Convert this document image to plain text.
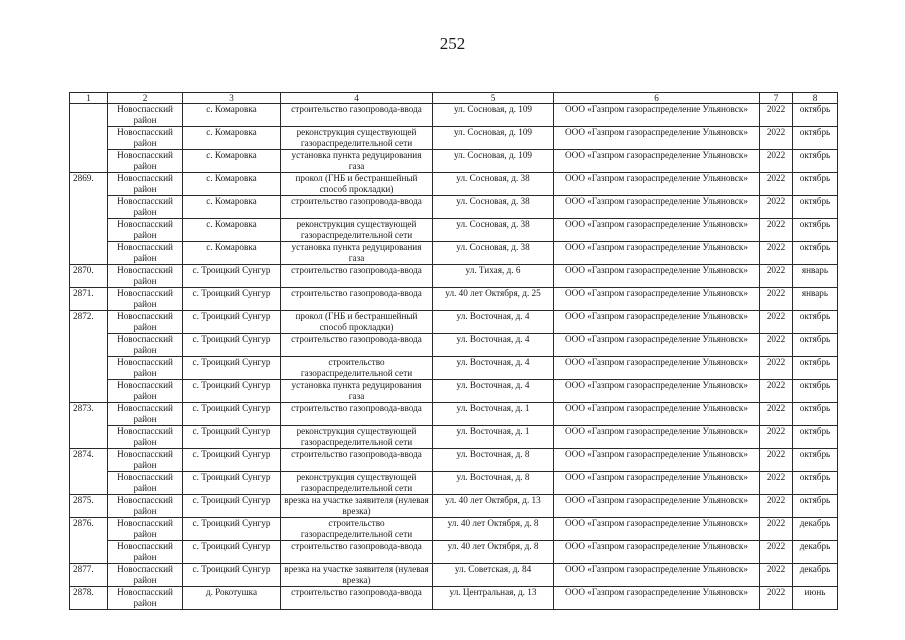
252
1	2	3	4	5	6	7	8
	Новоспасский район	с. Комаровка	строительство газопровода-ввода	ул. Сосновая, д. 109	ООО «Газпром газораспределение Ульяновск»	2022	октябрь
	Новоспасский район	с. Комаровка	реконструкция существующей газораспределительной сети	ул. Сосновая, д. 109	ООО «Газпром газораспределение Ульяновск»	2022	октябрь
	Новоспасский район	с. Комаровка	установка пункта редуцирования газа	ул. Сосновая, д. 109	ООО «Газпром газораспределение Ульяновск»	2022	октябрь
2869.	Новоспасский район	с. Комаровка	прокол (ГНБ и бестраншейный способ прокладки)	ул. Сосновая, д. 38	ООО «Газпром газораспределение Ульяновск»	2022	октябрь
	Новоспасский район	с. Комаровка	строительство газопровода-ввода	ул. Сосновая, д. 38	ООО «Газпром газораспределение Ульяновск»	2022	октябрь
	Новоспасский район	с. Комаровка	реконструкция существующей газораспределительной сети	ул. Сосновая, д. 38	ООО «Газпром газораспределение Ульяновск»	2022	октябрь
	Новоспасский район	с. Комаровка	установка пункта редуцирования газа	ул. Сосновая, д. 38	ООО «Газпром газораспределение Ульяновск»	2022	октябрь
2870.	Новоспасский район	с. Троицкий Сунгур	строительство газопровода-ввода	ул. Тихая, д. 6	ООО «Газпром газораспределение Ульяновск»	2022	январь
2871.	Новоспасский район	с. Троицкий Сунгур	строительство газопровода-ввода	ул. 40 лет Октября, д. 25	ООО «Газпром газораспределение Ульяновск»	2022	январь
2872.	Новоспасский район	с. Троицкий Сунгур	прокол (ГНБ и бестраншейный способ прокладки)	ул. Восточная, д. 4	ООО «Газпром газораспределение Ульяновск»	2022	октябрь
	Новоспасский район	с. Троицкий Сунгур	строительство газопровода-ввода	ул. Восточная, д. 4	ООО «Газпром газораспределение Ульяновск»	2022	октябрь
	Новоспасский район	с. Троицкий Сунгур	строительство газораспределительной сети	ул. Восточная, д. 4	ООО «Газпром газораспределение Ульяновск»	2022	октябрь
	Новоспасский район	с. Троицкий Сунгур	установка пункта редуцирования газа	ул. Восточная, д. 4	ООО «Газпром газораспределение Ульяновск»	2022	октябрь
2873.	Новоспасский район	с. Троицкий Сунгур	строительство газопровода-ввода	ул. Восточная, д. 1	ООО «Газпром газораспределение Ульяновск»	2022	октябрь
	Новоспасский район	с. Троицкий Сунгур	реконструкция существующей газораспределительной сети	ул. Восточная, д. 1	ООО «Газпром газораспределение Ульяновск»	2022	октябрь
2874.	Новоспасский район	с. Троицкий Сунгур	строительство газопровода-ввода	ул. Восточная, д. 8	ООО «Газпром газораспределение Ульяновск»	2022	октябрь
	Новоспасский район	с. Троицкий Сунгур	реконструкция существующей газораспределительной сети	ул. Восточная, д. 8	ООО «Газпром газораспределение Ульяновск»	2022	октябрь
2875.	Новоспасский район	с. Троицкий Сунгур	врезка на участке заявителя (нулевая врезка)	ул. 40 лет Октября, д. 13	ООО «Газпром газораспределение Ульяновск»	2022	октябрь
2876.	Новоспасский район	с. Троицкий Сунгур	строительство газораспределительной сети	ул. 40 лет Октября, д. 8	ООО «Газпром газораспределение Ульяновск»	2022	декабрь
	Новоспасский район	с. Троицкий Сунгур	строительство газопровода-ввода	ул. 40 лет Октября, д. 8	ООО «Газпром газораспределение Ульяновск»	2022	декабрь
2877.	Новоспасский район	с. Троицкий Сунгур	врезка на участке заявителя (нулевая врезка)	ул. Советская, д. 84	ООО «Газпром газораспределение Ульяновск»	2022	декабрь
2878.	Новоспасский район	д. Рокотушка	строительство газопровода-ввода	ул. Центральная, д. 13	ООО «Газпром газораспределение Ульяновск»	2022	июнь
